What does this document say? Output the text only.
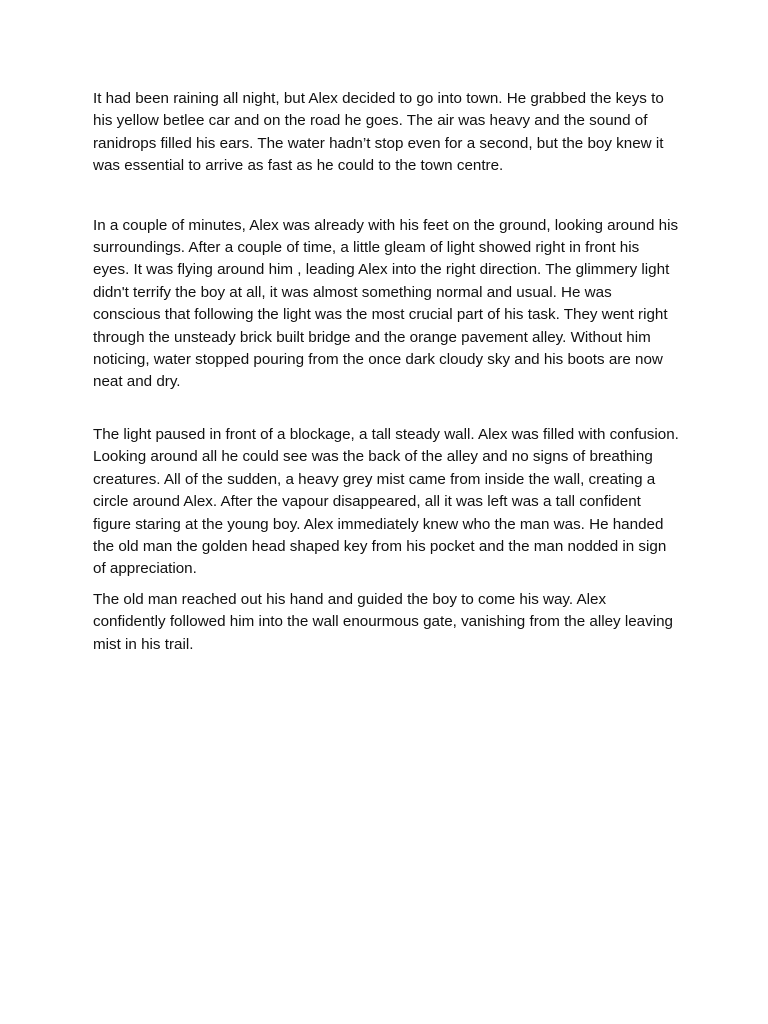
It had been raining all night, but Alex decided to go into town. He grabbed the keys to his yellow betlee car and on the road he goes. The air was heavy and the sound of ranidrops filled his ears. The water hadn’t stop even for a second, but the boy knew it was essential to arrive as fast as he could to the town centre.

In a couple of minutes, Alex was already with his feet on the ground, looking around his surroundings. After a couple of time, a little gleam of light showed right in front his eyes. It was flying around him , leading Alex into the right direction. The glimmery light didn't terrify the boy at all, it was almost something normal and usual. He was conscious that following the light was the most crucial part of his task. They went right through the unsteady brick built bridge and the orange pavement alley. Without him noticing, water stopped pouring from the once dark cloudy sky and his boots are now neat and dry.

The light paused in front of a blockage, a tall steady wall. Alex was filled with confusion. Looking around all he could see was the back of the alley and no signs of breathing creatures. All of the sudden, a heavy grey mist came from inside the wall, creating a circle around Alex. After the vapour disappeared, all it was left was a tall confident figure staring at the young boy. Alex immediately knew who the man was. He handed the old man the golden head shaped key from his pocket and the man nodded in sign of appreciation.

The old man reached out his hand and guided the boy to come his way. Alex confidently followed him into the wall enourmous gate, vanishing from the alley leaving mist in his trail.
